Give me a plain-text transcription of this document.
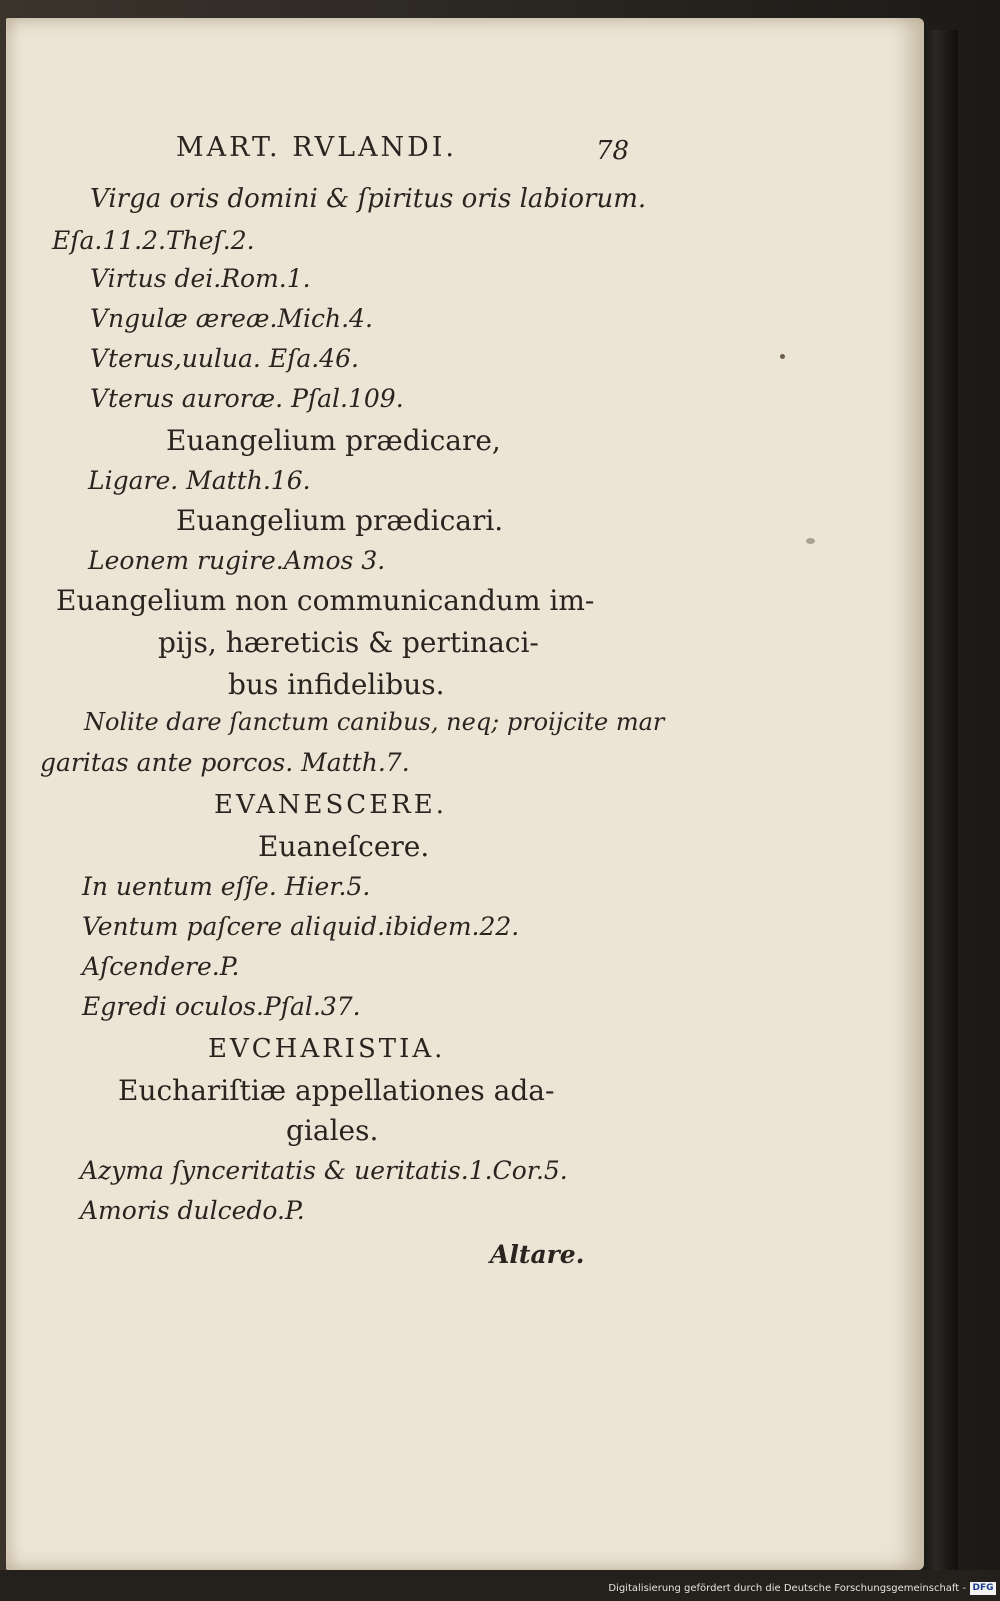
MART. RVLANDI.	78
Virga oris domini & ſpiritus oris labiorum.
Eſa.11.2.Theſ.2.
Virtus dei.Rom.1.
Vngulæ æreæ.Mich.4.
Vterus,uulua. Eſa.46.
Vterus auroræ. Pſal.109.
Euangelium prædicare,
Ligare. Matth.16.
Euangelium prædicari.
Leonem rugire.Amos 3.
Euangelium non communicandum im-
pijs, hæreticis & pertinaci-
bus infidelibus.
Nolite dare ſanctum canibus, neq; proijcite mar
garitas ante porcos. Matth.7.
EVANESCERE.
Euaneſcere.
In uentum eſſe. Hier.5.
Ventum paſcere aliquid.ibidem.22.
Aſcendere.P.
Egredi oculos.Pſal.37.
EVCHARISTIA.
Euchariſtiæ appellationes ada-
giales.
Azyma ſynceritatis & ueritatis.1.Cor.5.
Amoris dulcedo.P.
Altare.
Digitalisierung gefördert durch die Deutsche Forschungsgemeinschaft - DFG
